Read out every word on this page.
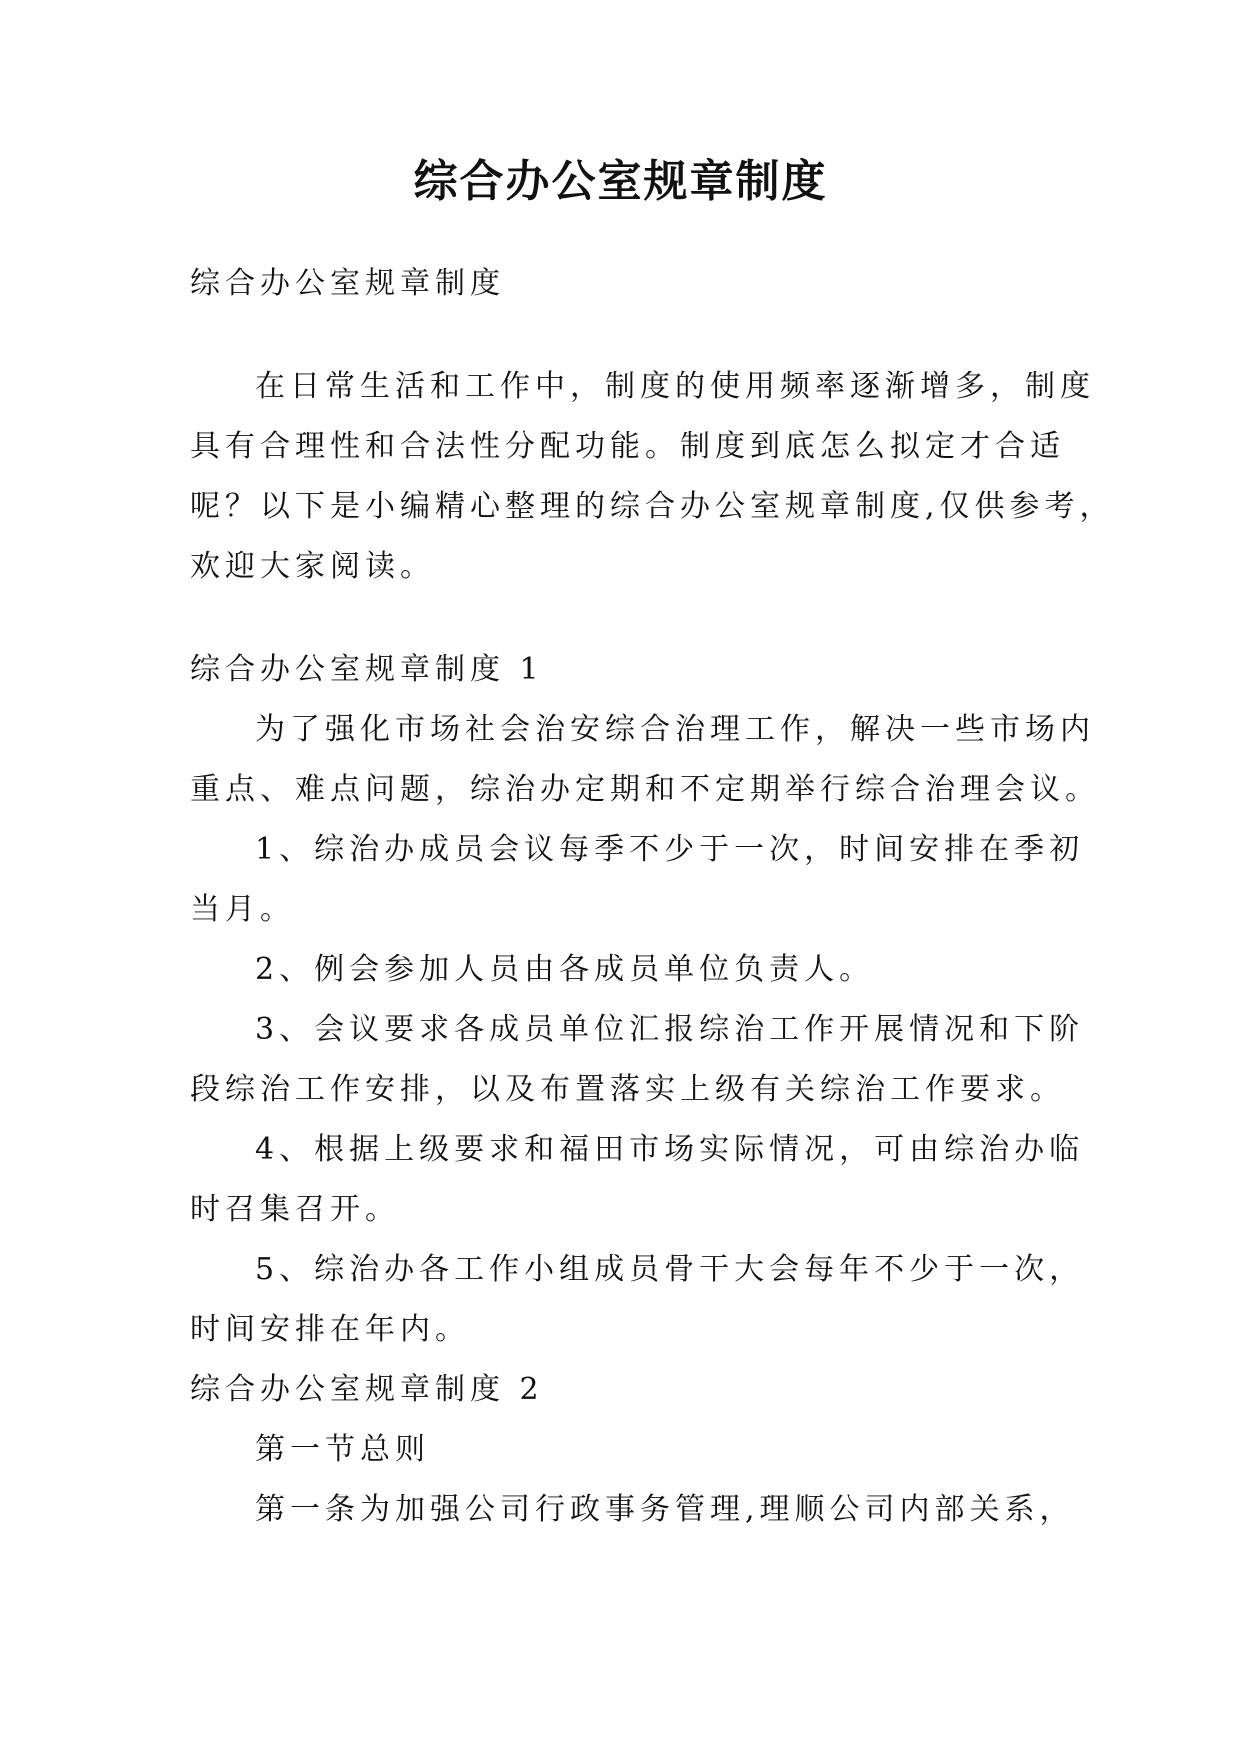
综合办公室规章制度

综合办公室规章制度

在日常生活和工作中，制度的使用频率逐渐增多，制度

具有合理性和合法性分配功能。制度到底怎么拟定才合适

呢？以下是小编精心整理的综合办公室规章制度,仅供参考，

欢迎大家阅读。

综合办公室规章制度 1

为了强化市场社会治安综合治理工作，解决一些市场内

重点、难点问题，综治办定期和不定期举行综合治理会议。

1、综治办成员会议每季不少于一次，时间安排在季初

当月。

2、例会参加人员由各成员单位负责人。

3、会议要求各成员单位汇报综治工作开展情况和下阶

段综治工作安排，以及布置落实上级有关综治工作要求。

4、根据上级要求和福田市场实际情况，可由综治办临

时召集召开。

5、综治办各工作小组成员骨干大会每年不少于一次，

时间安排在年内。

综合办公室规章制度 2

第一节总则

第一条为加强公司行政事务管理,理顺公司内部关系，
